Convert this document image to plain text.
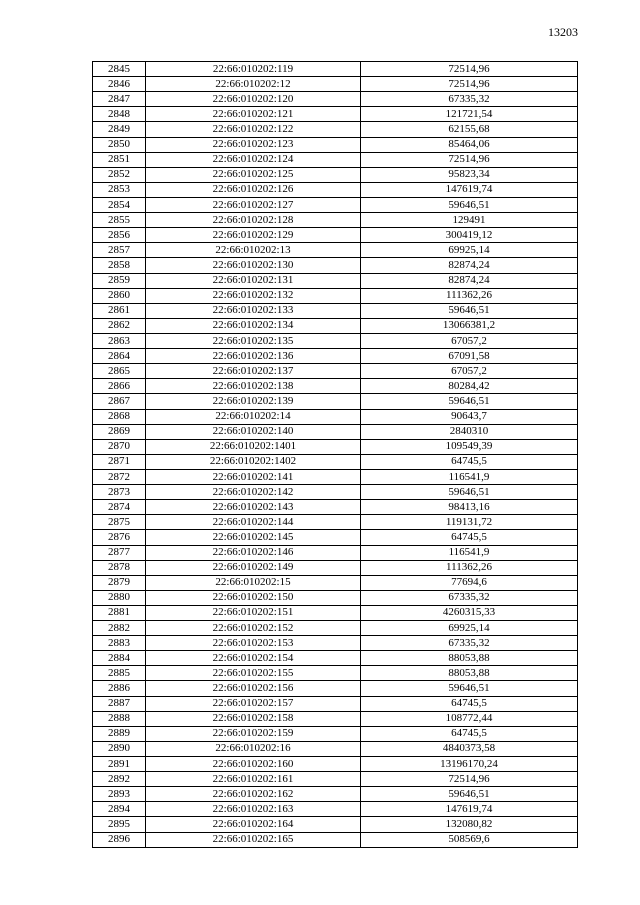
13203
2845	22:66:010202:119	72514,96
2846	22:66:010202:12	72514,96
2847	22:66:010202:120	67335,32
2848	22:66:010202:121	121721,54
2849	22:66:010202:122	62155,68
2850	22:66:010202:123	85464,06
2851	22:66:010202:124	72514,96
2852	22:66:010202:125	95823,34
2853	22:66:010202:126	147619,74
2854	22:66:010202:127	59646,51
2855	22:66:010202:128	129491
2856	22:66:010202:129	300419,12
2857	22:66:010202:13	69925,14
2858	22:66:010202:130	82874,24
2859	22:66:010202:131	82874,24
2860	22:66:010202:132	111362,26
2861	22:66:010202:133	59646,51
2862	22:66:010202:134	13066381,2
2863	22:66:010202:135	67057,2
2864	22:66:010202:136	67091,58
2865	22:66:010202:137	67057,2
2866	22:66:010202:138	80284,42
2867	22:66:010202:139	59646,51
2868	22:66:010202:14	90643,7
2869	22:66:010202:140	2840310
2870	22:66:010202:1401	109549,39
2871	22:66:010202:1402	64745,5
2872	22:66:010202:141	116541,9
2873	22:66:010202:142	59646,51
2874	22:66:010202:143	98413,16
2875	22:66:010202:144	119131,72
2876	22:66:010202:145	64745,5
2877	22:66:010202:146	116541,9
2878	22:66:010202:149	111362,26
2879	22:66:010202:15	77694,6
2880	22:66:010202:150	67335,32
2881	22:66:010202:151	4260315,33
2882	22:66:010202:152	69925,14
2883	22:66:010202:153	67335,32
2884	22:66:010202:154	88053,88
2885	22:66:010202:155	88053,88
2886	22:66:010202:156	59646,51
2887	22:66:010202:157	64745,5
2888	22:66:010202:158	108772,44
2889	22:66:010202:159	64745,5
2890	22:66:010202:16	4840373,58
2891	22:66:010202:160	13196170,24
2892	22:66:010202:161	72514,96
2893	22:66:010202:162	59646,51
2894	22:66:010202:163	147619,74
2895	22:66:010202:164	132080,82
2896	22:66:010202:165	508569,6
